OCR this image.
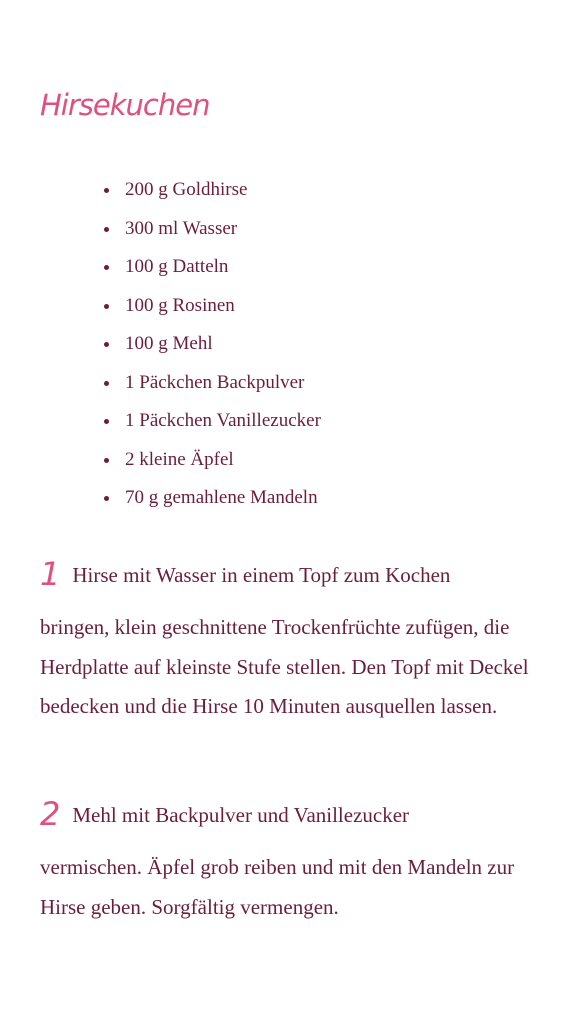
Hirsekuchen
200 g Goldhirse
300 ml Wasser
100 g Datteln
100 g Rosinen
100 g Mehl
1 Päckchen Backpulver
1 Päckchen Vanillezucker
2 kleine Äpfel
70 g gemahlene Mandeln
1 Hirse mit Wasser in einem Topf zum Kochen
bringen, klein geschnittene Trockenfrüchte zufügen, die Herdplatte auf kleinste Stufe stellen. Den Topf mit Deckel bedecken und die Hirse 10 Minuten ausquellen lassen.
2 Mehl mit Backpulver und Vanillezucker
vermischen. Äpfel grob reiben und mit den Mandeln zur Hirse geben. Sorgfältig vermengen.
